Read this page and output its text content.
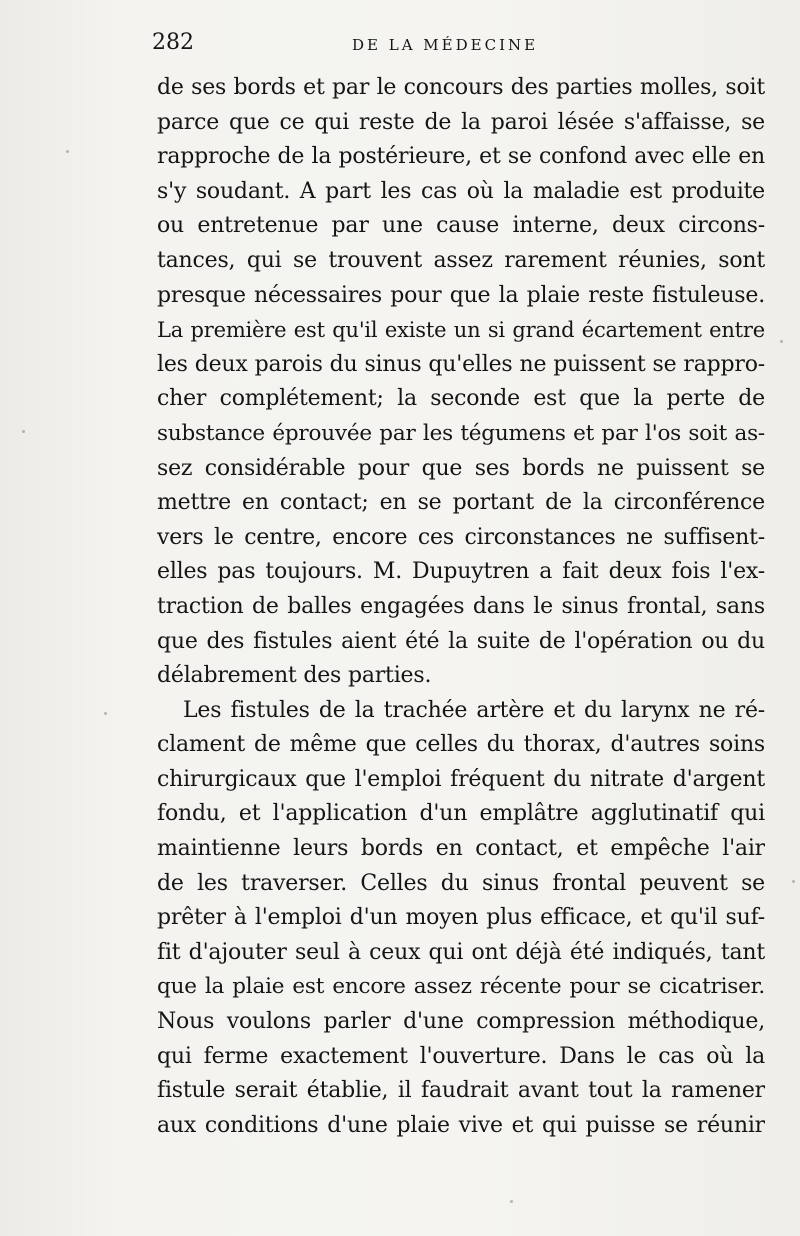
282	DE LA MÉDECINE
de ses bords et par le concours des parties molles, soit
parce que ce qui reste de la paroi lésée s'affaisse, se
rapproche de la postérieure, et se confond avec elle en
s'y soudant. A part les cas où la maladie est produite
ou entretenue par une cause interne, deux circons-
tances, qui se trouvent assez rarement réunies, sont
presque nécessaires pour que la plaie reste fistuleuse.
La première est qu'il existe un si grand écartement entre
les deux parois du sinus qu'elles ne puissent se rappro-
cher complétement; la seconde est que la perte de
substance éprouvée par les tégumens et par l'os soit as-
sez considérable pour que ses bords ne puissent se
mettre en contact; en se portant de la circonférence
vers le centre, encore ces circonstances ne suffisent-
elles pas toujours. M. Dupuytren a fait deux fois l'ex-
traction de balles engagées dans le sinus frontal, sans
que des fistules aient été la suite de l'opération ou du
délabrement des parties.
Les fistules de la trachée artère et du larynx ne ré-
clament de même que celles du thorax, d'autres soins
chirurgicaux que l'emploi fréquent du nitrate d'argent
fondu, et l'application d'un emplâtre agglutinatif qui
maintienne leurs bords en contact, et empêche l'air
de les traverser. Celles du sinus frontal peuvent se
prêter à l'emploi d'un moyen plus efficace, et qu'il suf-
fit d'ajouter seul à ceux qui ont déjà été indiqués, tant
que la plaie est encore assez récente pour se cicatriser.
Nous voulons parler d'une compression méthodique,
qui ferme exactement l'ouverture. Dans le cas où la
fistule serait établie, il faudrait avant tout la ramener
aux conditions d'une plaie vive et qui puisse se réunir
